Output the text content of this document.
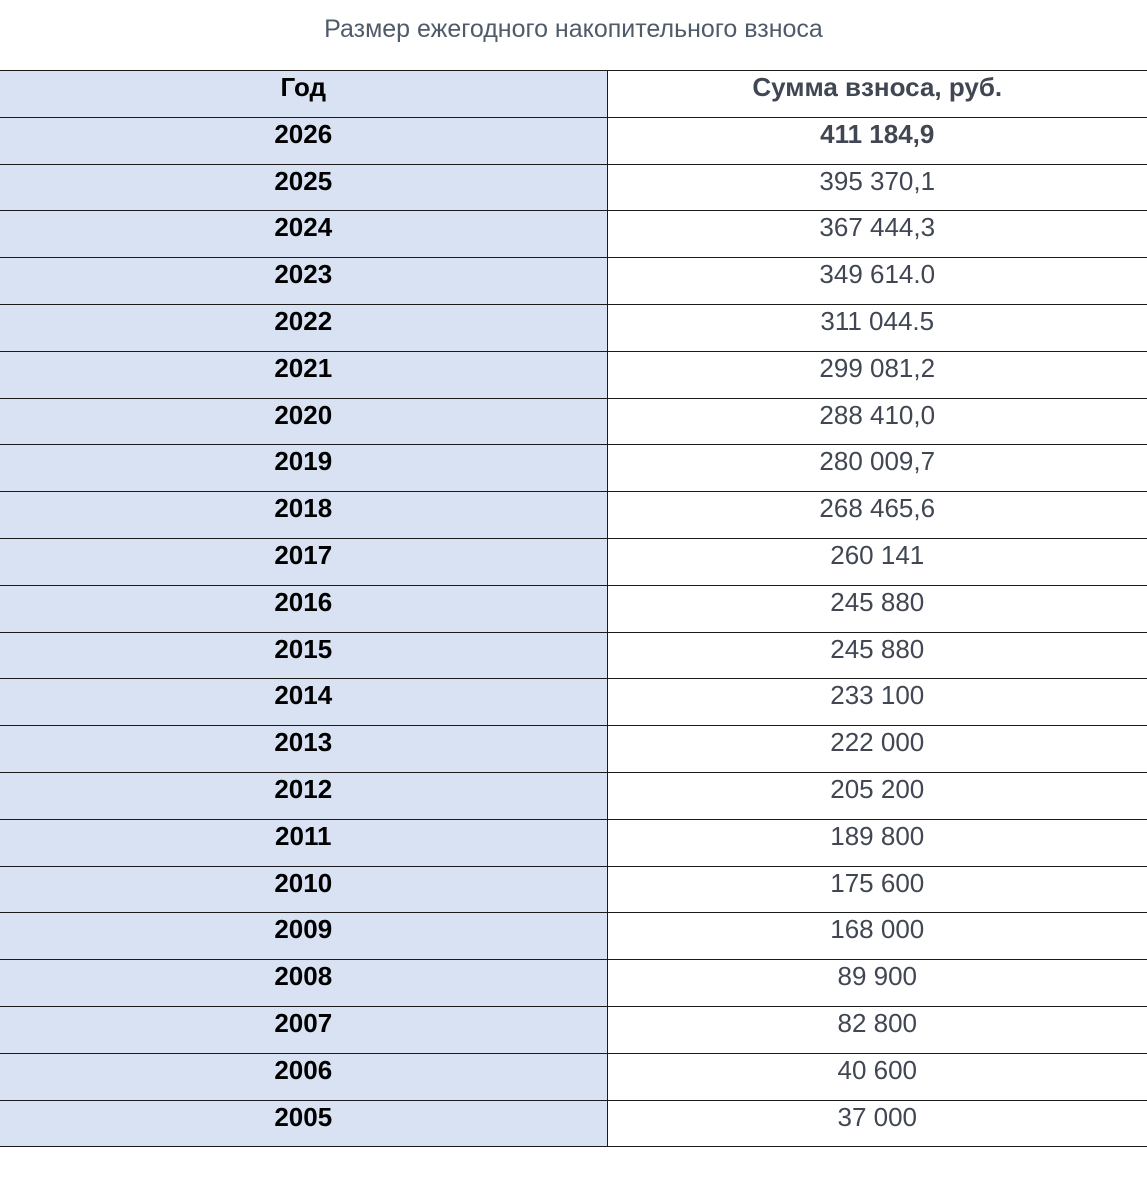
Размер ежегодного накопительного взноса
Год	Сумма взноса, руб.
2026	411 184,9
2025	395 370,1
2024	367 444,3
2023	349 614.0
2022	311 044.5
2021	299 081,2
2020	288 410,0
2019	280 009,7
2018	268 465,6
2017	260 141
2016	245 880
2015	245 880
2014	233 100
2013	222 000
2012	205 200
2011	189 800
2010	175 600
2009	168 000
2008	89 900
2007	82 800
2006	40 600
2005	37 000
